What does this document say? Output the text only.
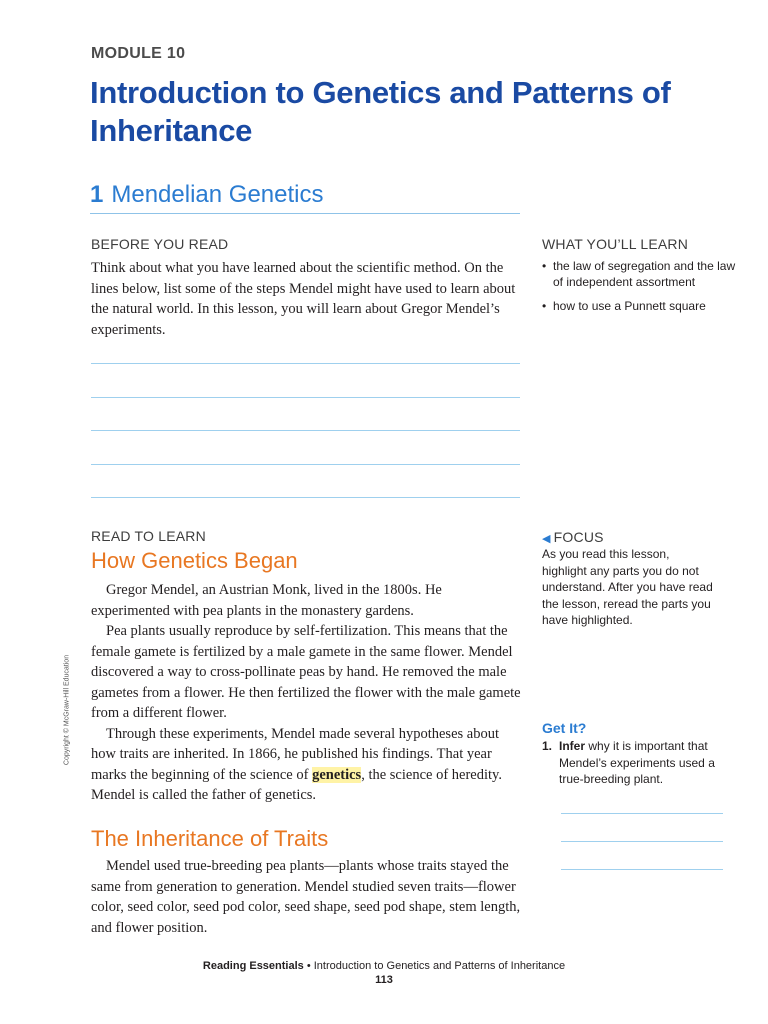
MODULE 10
Introduction to Genetics and Patterns of Inheritance
1 Mendelian Genetics
BEFORE YOU READ
Think about what you have learned about the scientific method. On the lines below, list some of the steps Mendel might have used to learn about the natural world. In this lesson, you will learn about Gregor Mendel’s experiments.
WHAT YOU’LL LEARN
• the law of segregation and the law of independent assortment
• how to use a Punnett square
READ TO LEARN
How Genetics Began

Gregor Mendel, an Austrian Monk, lived in the 1800s. He experimented with pea plants in the monastery gardens.

Pea plants usually reproduce by self-fertilization. This means that the female gamete is fertilized by a male gamete in the same flower. Mendel discovered a way to cross-pollinate peas by hand. He removed the male gametes from a flower. He then fertilized the flower with the male gamete from a different flower.

Through these experiments, Mendel made several hypotheses about how traits are inherited. In 1866, he published his findings. That year marks the beginning of the science of genetics, the science of heredity. Mendel is called the father of genetics.

The Inheritance of Traits

Mendel used true-breeding pea plants—plants whose traits stayed the same from generation to generation. Mendel studied seven traits—flower color, seed color, seed pod color, seed shape, seed pod shape, stem length, and flower position.

◀ FOCUS
As you read this lesson, highlight any parts you do not understand. After you have read the lesson, reread the parts you have highlighted.
Get It?
1. Infer why it is important that Mendel’s experiments used a true-breeding plant.
Copyright © McGraw-Hill Education
Reading Essentials • Introduction to Genetics and Patterns of Inheritance
113
